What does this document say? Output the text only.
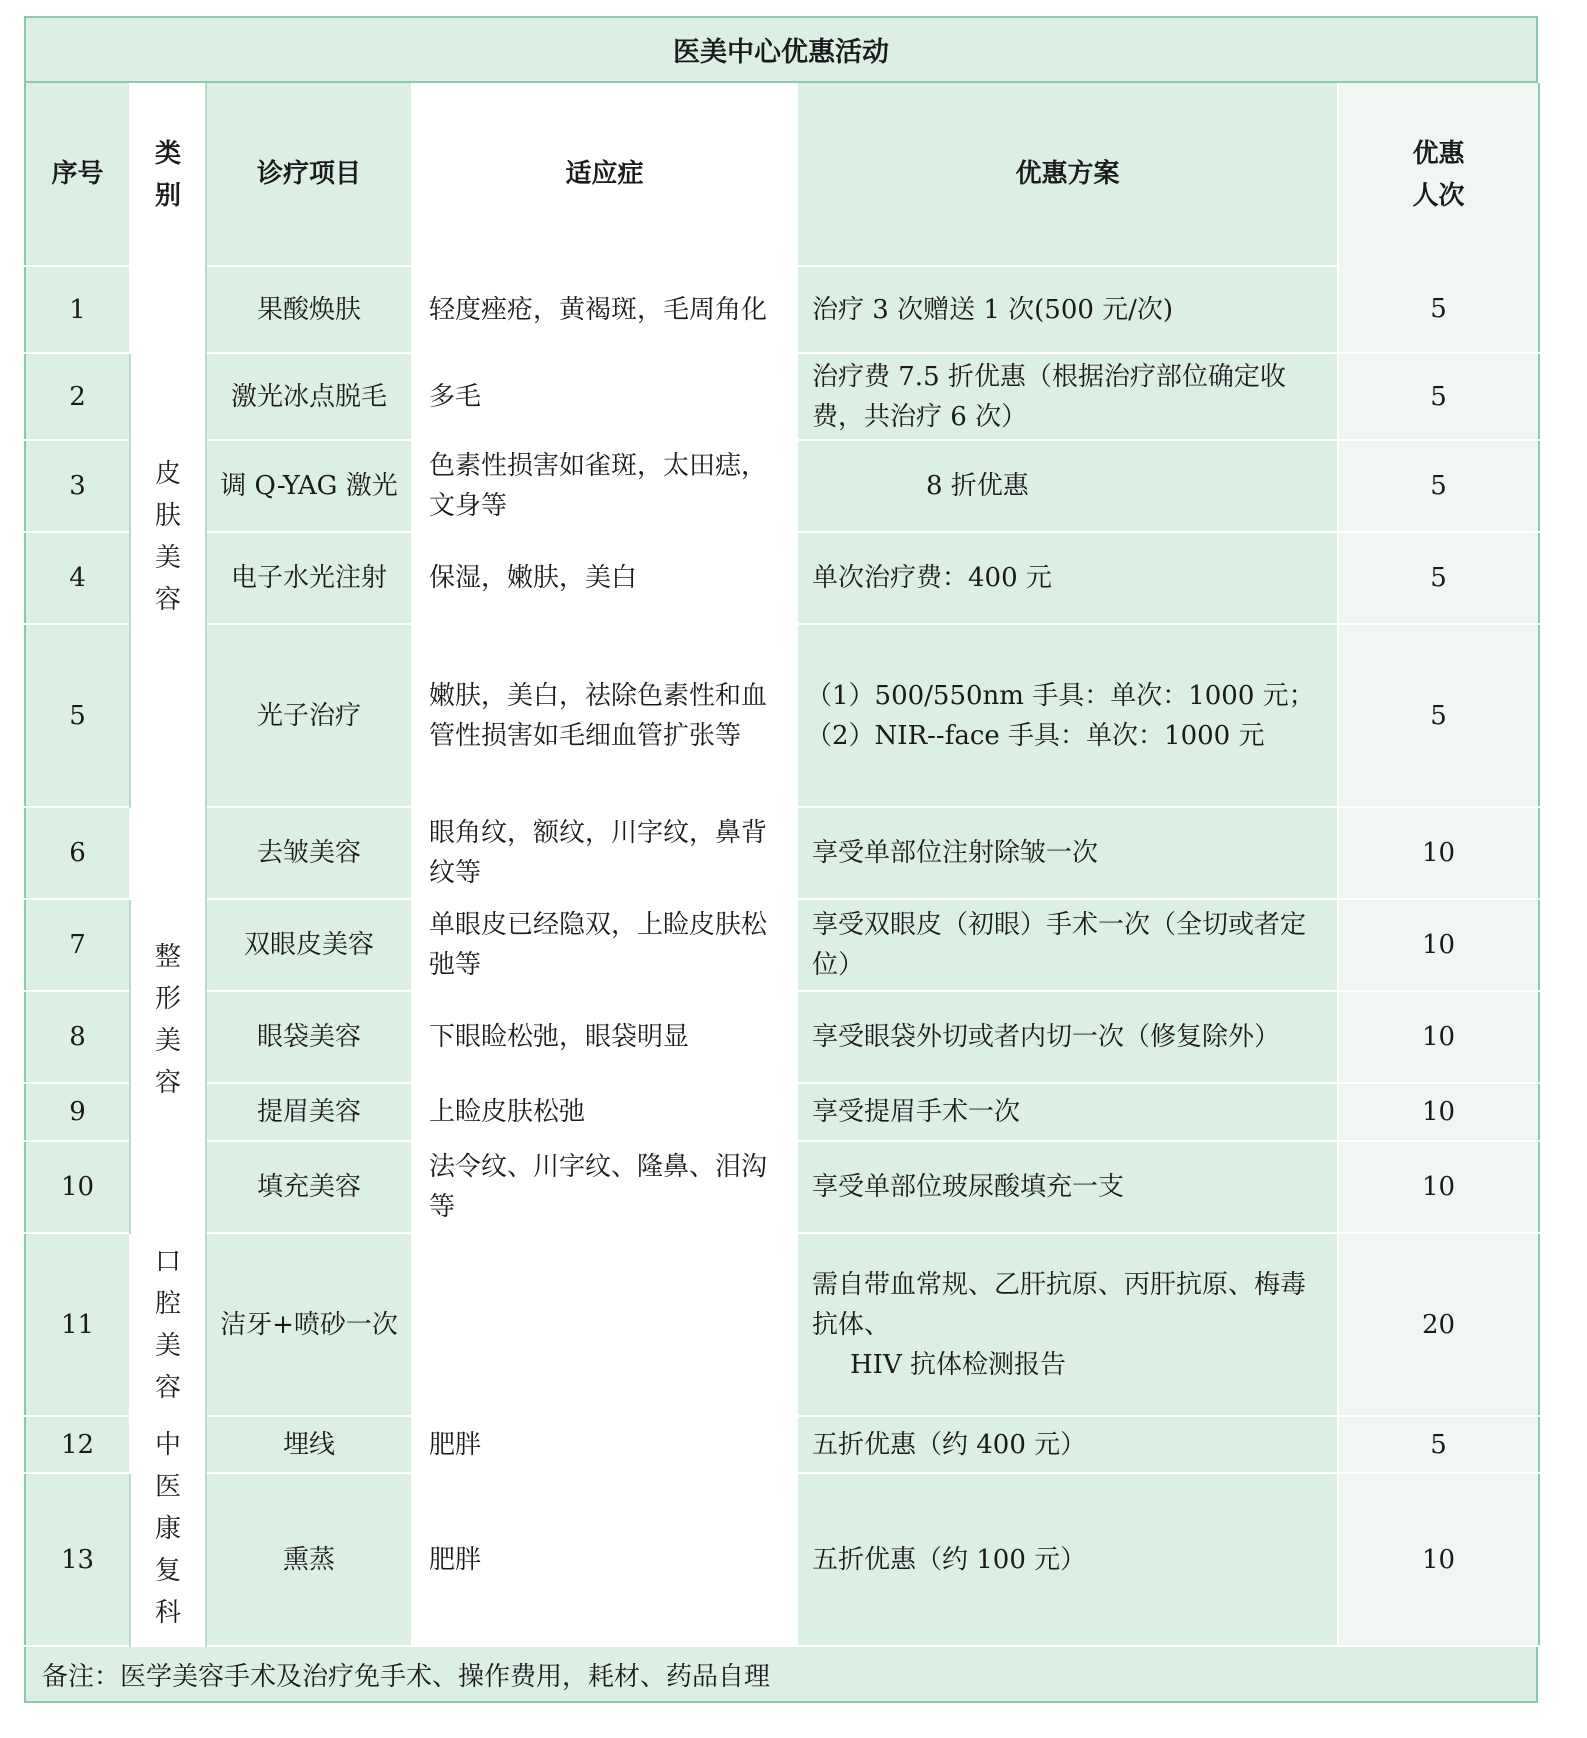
医美中心优惠活动
序号	类别	诊疗项目	适应症	优惠方案	优惠人次
1	皮肤美容	果酸焕肤	轻度痤疮，黄褐斑，毛周角化	治疗 3 次赠送 1 次(500 元/次)	5
2		激光冰点脱毛	多毛	治疗费 7.5 折优惠（根据治疗部位确定收费，共治疗 6 次）	5
3		调 Q-YAG 激光	色素性损害如雀斑，太田痣，文身等	8 折优惠	5
4		电子水光注射	保湿，嫩肤，美白	单次治疗费：400 元	5
5		光子治疗	嫩肤，美白，祛除色素性和血管性损害如毛细血管扩张等	（1）500/550nm 手具：单次：1000 元；
（2）NIR--face 手具：单次：1000 元	5
6	整形美容	去皱美容	眼角纹，额纹，川字纹，鼻背纹等	享受单部位注射除皱一次	10
7		双眼皮美容	单眼皮已经隐双，上睑皮肤松弛等	享受双眼皮（初眼）手术一次（全切或者定位）	10
8		眼袋美容	下眼睑松弛，眼袋明显	享受眼袋外切或者内切一次（修复除外）	10
9		提眉美容	上睑皮肤松弛	享受提眉手术一次	10
10		填充美容	法令纹、川字纹、隆鼻、泪沟等	享受单部位玻尿酸填充一支	10
11	口腔美容	洁牙+喷砂一次		需自带血常规、乙肝抗原、丙肝抗原、梅毒抗体、
HIV 抗体检测报告	20
12	中医康复科	埋线	肥胖	五折优惠（约 400 元）	5
13		熏蒸	肥胖	五折优惠（约 100 元）	10
备注：医学美容手术及治疗免手术、操作费用，耗材、药品自理
